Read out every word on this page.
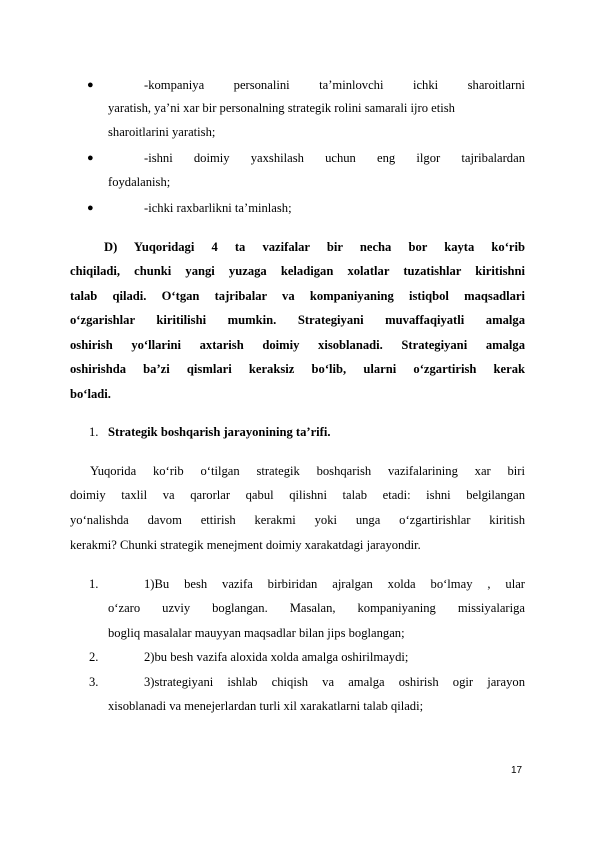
●	-kompaniya personalini ta’minlovchi ichki sharoitlarni
yaratish, ya’ni xar bir personalning strategik rolini samarali ijro etish
sharoitlarini yaratish;
●	-ishni doimiy yaxshilash uchun eng ilgor tajribalardan
foydalanish;
●	-ichki raxbarlikni ta’minlash;
D) Yuqoridagi 4 ta vazifalar bir necha bor kayta ko‘rib
chiqiladi, chunki yangi yuzaga keladigan xolatlar tuzatishlar kiritishni
talab qiladi. O‘tgan tajribalar va kompaniyaning istiqbol maqsadlari
o‘zgarishlar kiritilishi mumkin. Strategiyani muvaffaqiyatli amalga
oshirish yo‘llarini axtarish doimiy xisoblanadi. Strategiyani amalga
oshirishda ba’zi qismlari keraksiz bo‘lib, ularni o‘zgartirish kerak
bo‘ladi.
1. Strategik boshqarish jarayonining ta’rifi.
Yuqorida ko‘rib o‘tilgan strategik boshqarish vazifalarining xar biri
doimiy taxlil va qarorlar qabul qilishni talab etadi: ishni belgilangan
yo‘nalishda davom ettirish kerakmi yoki unga o‘zgartirishlar kiritish
kerakmi? Chunki strategik menejment doimiy xarakatdagi jarayondir.
1.	1)Bu besh vazifa birbiridan ajralgan xolda bo‘lmay , ular
o‘zaro uzviy boglangan. Masalan, kompaniyaning missiyalariga
bogliq masalalar mauyyan maqsadlar bilan jips boglangan;
2.	2)bu besh vazifa aloxida xolda amalga oshirilmaydi;
3.	3)strategiyani ishlab chiqish va amalga oshirish ogir jarayon
xisoblanadi va menejerlardan turli xil xarakatlarni talab qiladi;
17
